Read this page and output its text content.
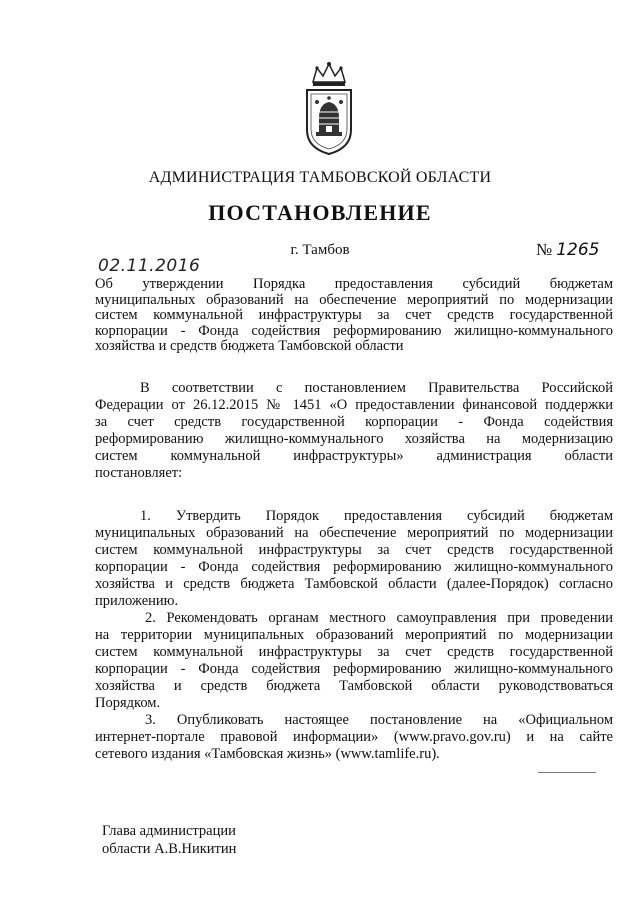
АДМИНИСТРАЦИЯ ТАМБОВСКОЙ ОБЛАСТИ
ПОСТАНОВЛЕНИЕ
г. Тамбов
02.11.2016
№ 1265
Об утверждении Порядка предоставления субсидий бюджетам
муниципальных образований на обеспечение мероприятий по модернизации
систем коммунальной инфраструктуры за счет средств государственной
корпорации - Фонда содействия реформированию жилищно-коммунального
хозяйства и средств бюджета Тамбовской области
В соответствии с постановлением Правительства Российской
Федерации от 26.12.2015 № 1451 «О предоставлении финансовой поддержки
за счет средств государственной корпорации - Фонда содействия
реформированию жилищно-коммунального хозяйства на модернизацию
систем коммунальной инфраструктуры» администрация области
постановляет:
1. Утвердить Порядок предоставления субсидий бюджетам
муниципальных образований на обеспечение мероприятий по модернизации
систем коммунальной инфраструктуры за счет средств государственной
корпорации - Фонда содействия реформированию жилищно-коммунального
хозяйства и средств бюджета Тамбовской области (далее-Порядок) согласно
приложению.
2. Рекомендовать органам местного самоуправления при проведении
на территории муниципальных образований мероприятий по модернизации
систем коммунальной инфраструктуры за счет средств государственной
корпорации - Фонда содействия реформированию жилищно-коммунального
хозяйства и средств бюджета Тамбовской области руководствоваться
Порядком.
3. Опубликовать настоящее постановление на «Официальном
интернет-портале правовой информации» (www.pravo.gov.ru) и на сайте
сетевого издания «Тамбовская жизнь» (www.tamlife.ru).
Глава администрации
области А.В.Никитин
